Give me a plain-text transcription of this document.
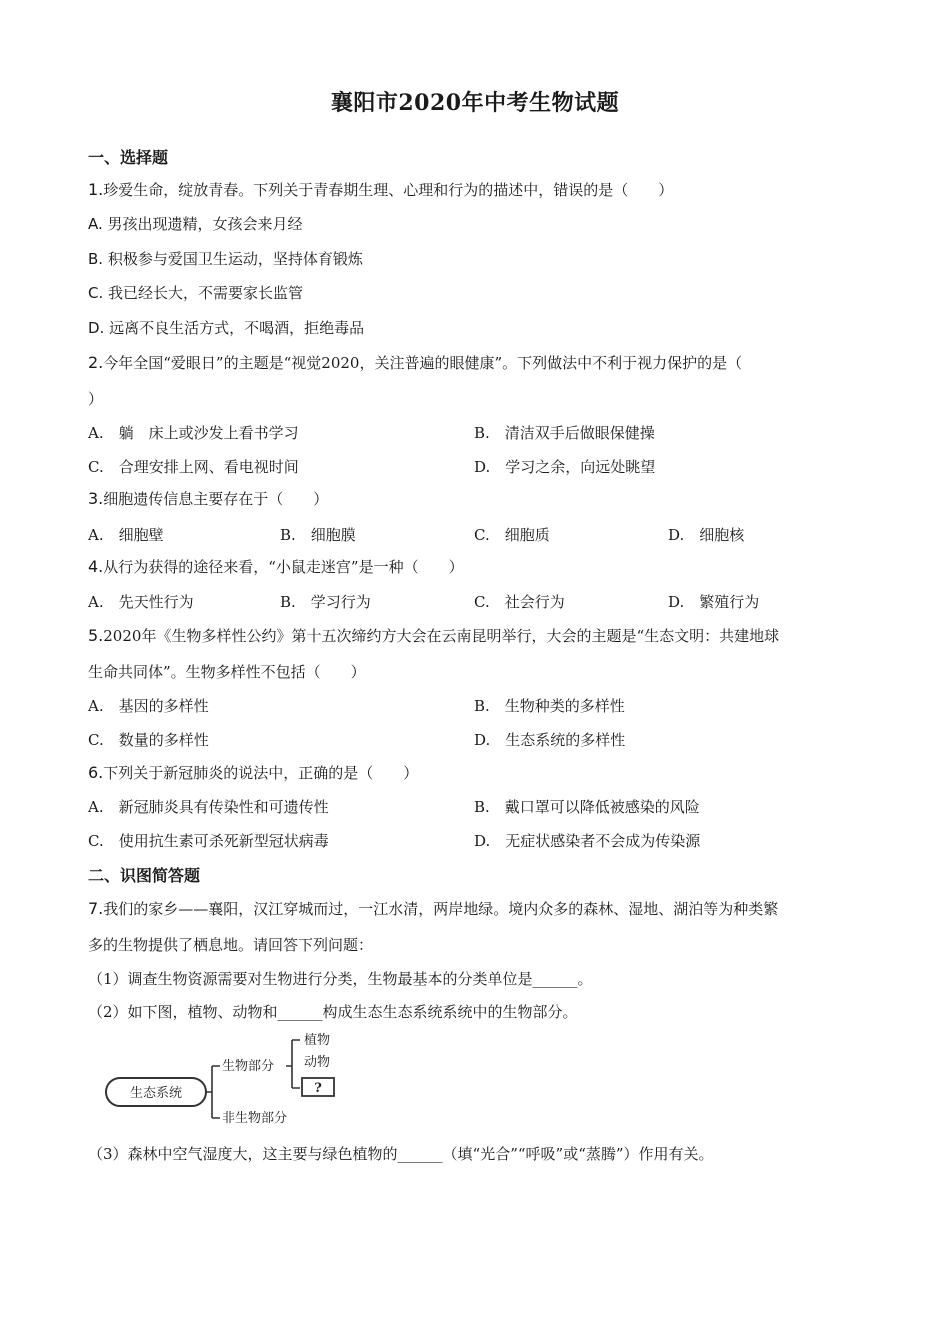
襄阳市2020年中考生物试题
一、选择题
1.珍爱生命，绽放青春。下列关于青春期生理、心理和行为的描述中，错误的是（　　）
A. 男孩出现遗精，女孩会来月经
B. 积极参与爱国卫生运动，坚持体育锻炼
C. 我已经长大，不需要家长监管
D. 远离不良生活方式，不喝酒，拒绝毒品
2.今年全国“爱眼日”的主题是“视觉2020，关注普遍的眼健康”。下列做法中不利于视力保护的是（
）
A.　躺　床上或沙发上看书学习	B.　清洁双手后做眼保健操
C.　合理安排上网、看电视时间	D.　学习之余，向远处眺望
3.细胞遗传信息主要存在于（　　）
A.　细胞壁	B.　细胞膜	C.　细胞质	D.　细胞核
4.从行为获得的途径来看，“小鼠走迷宫”是一种（　　）
A.　先天性行为	B.　学习行为	C.　社会行为	D.　繁殖行为
5.2020年《生物多样性公约》第十五次缔约方大会在云南昆明举行，大会的主题是“生态文明：共建地球
生命共同体”。生物多样性不包括（　　）
A.　基因的多样性	B.　生物种类的多样性
C.　数量的多样性	D.　生态系统的多样性
6.下列关于新冠肺炎的说法中，正确的是（　　）
A.　新冠肺炎具有传染性和可遗传性	B.　戴口罩可以降低被感染的风险
C.　使用抗生素可杀死新型冠状病毒	D.　无症状感染者不会成为传染源
二、识图简答题
7.我们的家乡——襄阳，汉江穿城而过，一江水清，两岸地绿。境内众多的森林、湿地、湖泊等为种类繁
多的生物提供了栖息地。请回答下列问题：
（1）调查生物资源需要对生物进行分类，生物最基本的分类单位是______。
（2）如下图，植物、动物和______构成生态生态系统系统中的生物部分。
生态系统
生物部分
非生物部分
植物
动物
?
（3）森林中空气湿度大，这主要与绿色植物的______（填“光合”“呼吸”或“蒸腾”）作用有关。
